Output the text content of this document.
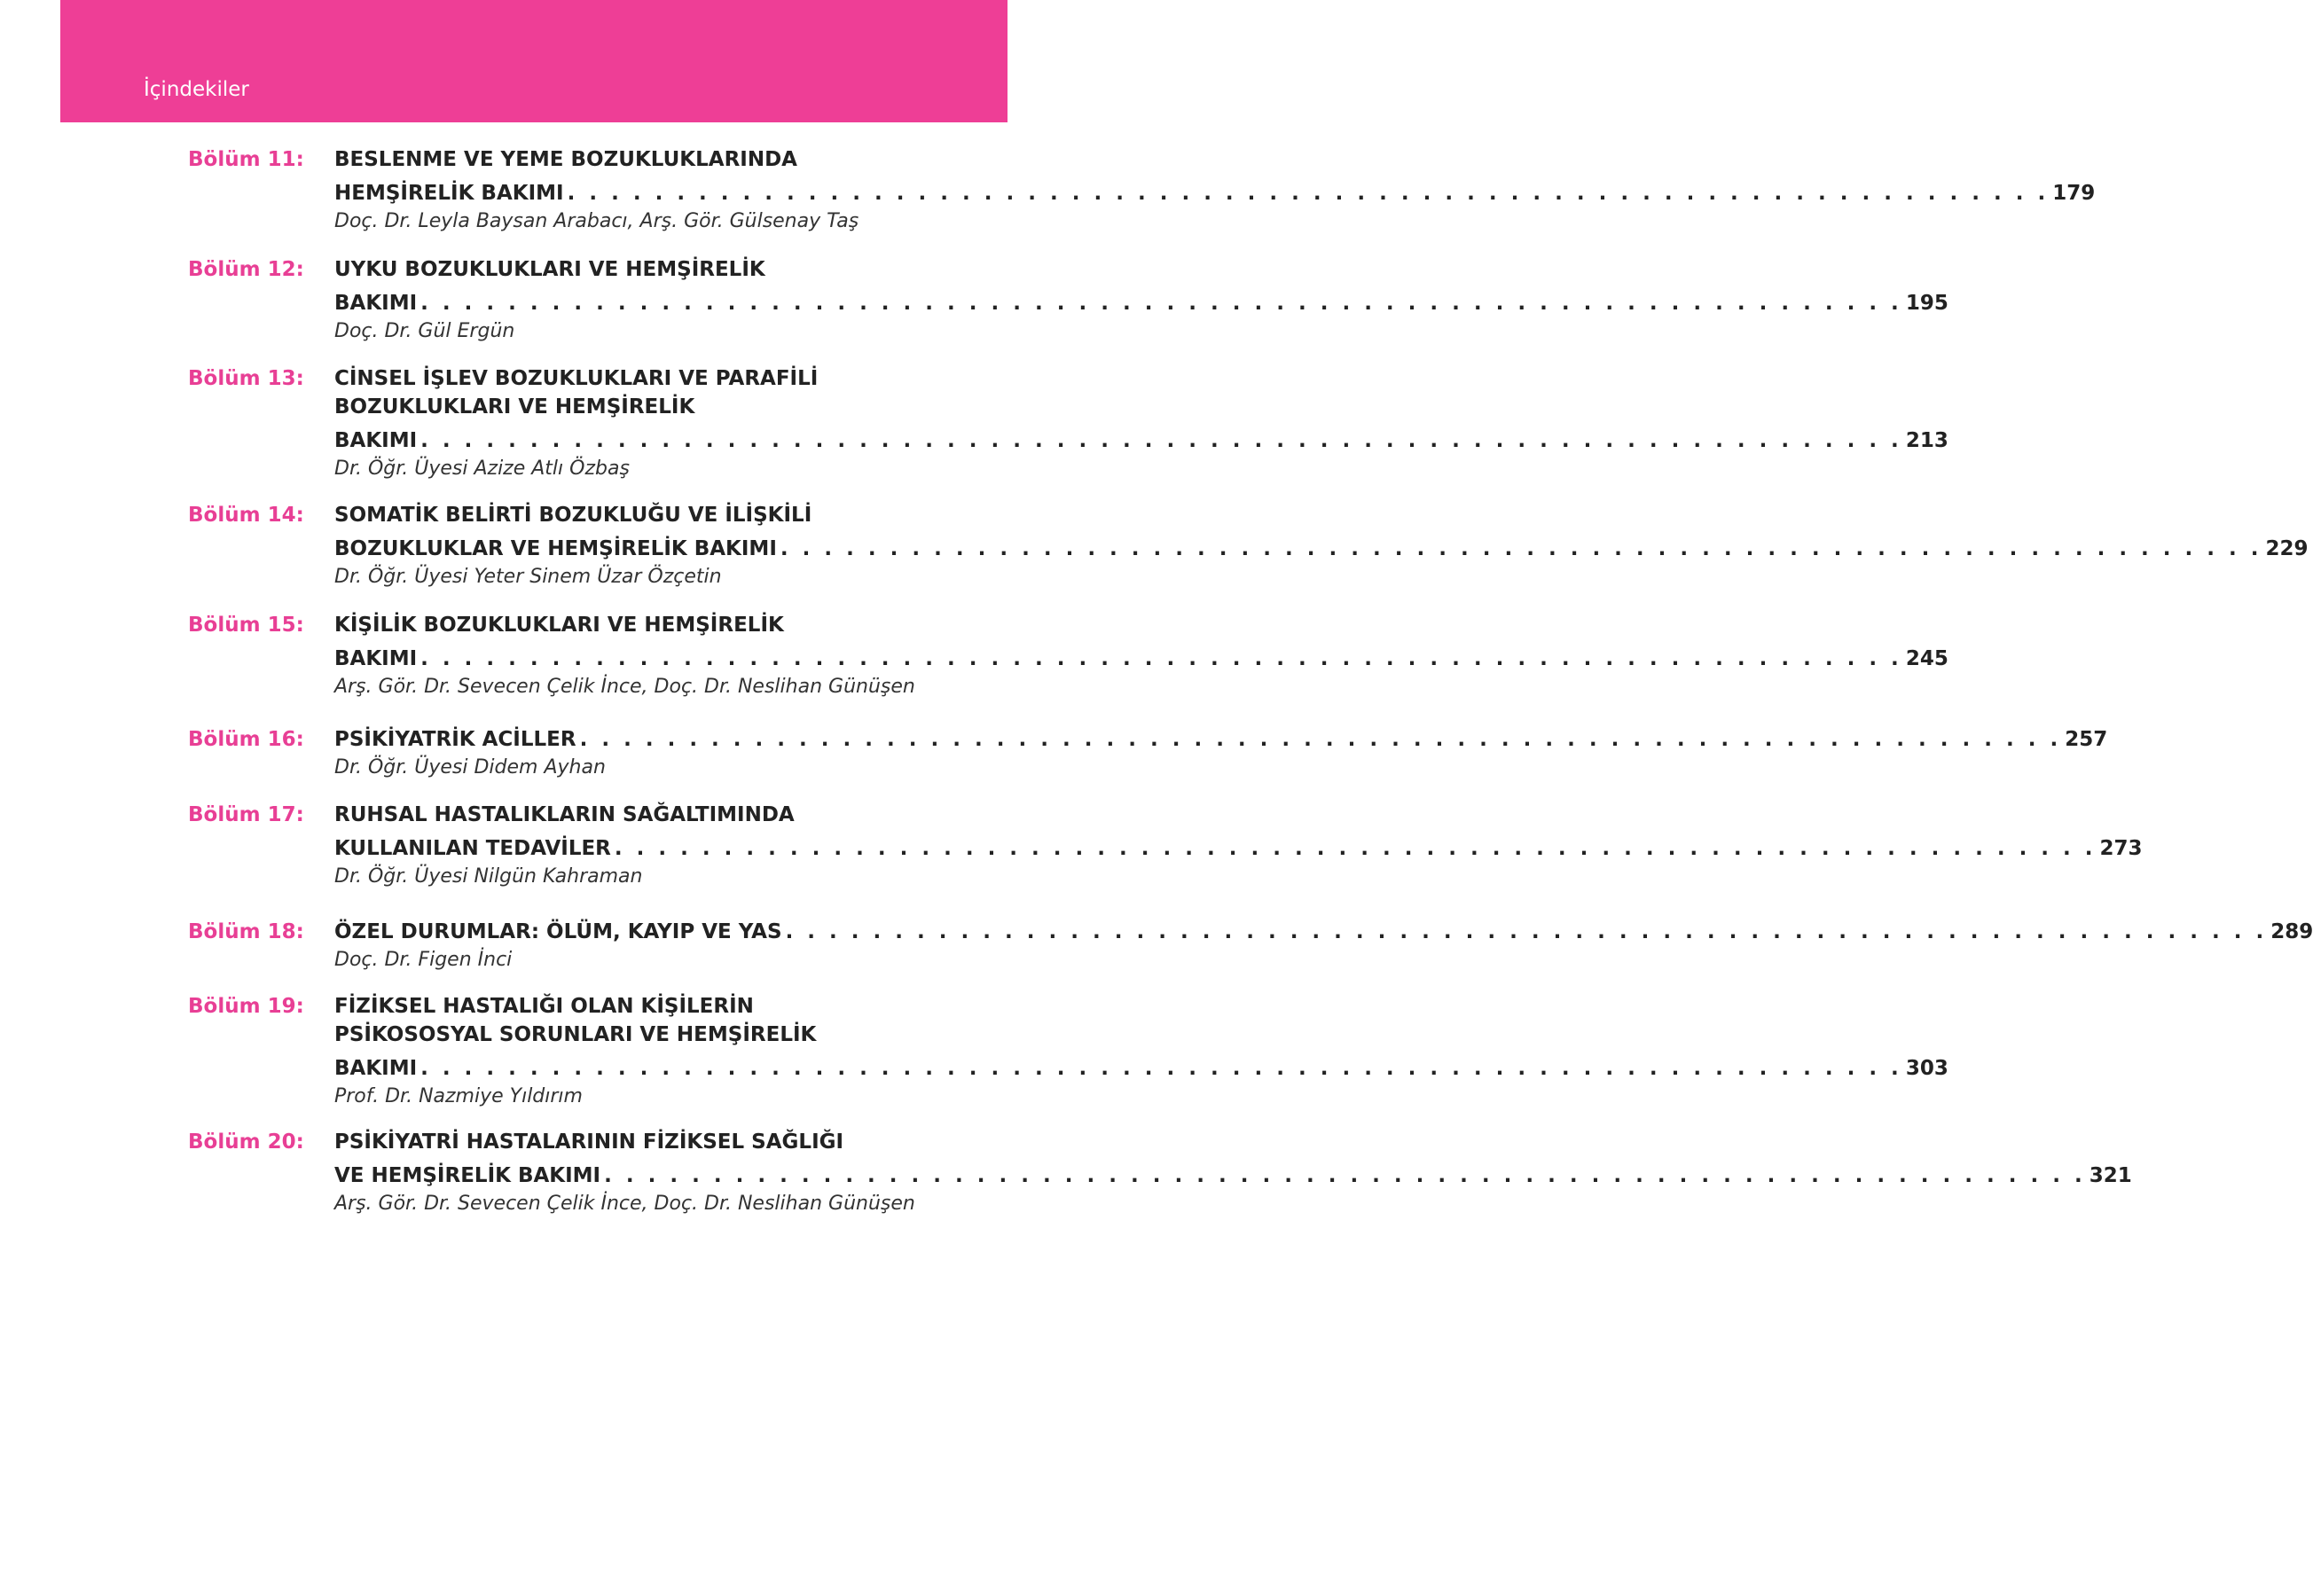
İçindekiler
Bölüm 11:	BESLENME VE YEME BOZUKLUKLARINDA
HEMŞİRELİK BAKIMI . . . . . . . . . . . . . . . . . . . . . . . . . . . . . . . . . . . . . . . . . . . . . . . . . . . . . . . . . . . . . . . . . . . . 179
Doç. Dr. Leyla Baysan Arabacı, Arş. Gör. Gülsenay Taş
Bölüm 12:	UYKU BOZUKLUKLARI VE HEMŞİRELİK
BAKIMI . . . . . . . . . . . . . . . . . . . . . . . . . . . . . . . . . . . . . . . . . . . . . . . . . . . . . . . . . . . . . . . . . . . . 195
Doç. Dr. Gül Ergün
Bölüm 13:	CİNSEL İŞLEV BOZUKLUKLARI VE PARAFİLİ
BOZUKLUKLARI VE HEMŞİRELİK
BAKIMI . . . . . . . . . . . . . . . . . . . . . . . . . . . . . . . . . . . . . . . . . . . . . . . . . . . . . . . . . . . . . . . . . . . . 213
Dr. Öğr. Üyesi Azize Atlı Özbaş
Bölüm 14:	SOMATİK BELİRTİ BOZUKLUĞU VE İLİŞKİLİ
BOZUKLUKLAR VE HEMŞİRELİK BAKIMI . . . . . . . . . . . . . . . . . . . . . . . . . . . . . . . . . . . . . . . . . . . . . . . . . . . . . . . . . . . . . . . . . . . . 229
Dr. Öğr. Üyesi Yeter Sinem Üzar Özçetin
Bölüm 15:	KİŞİLİK BOZUKLUKLARI VE HEMŞİRELİK
BAKIMI . . . . . . . . . . . . . . . . . . . . . . . . . . . . . . . . . . . . . . . . . . . . . . . . . . . . . . . . . . . . . . . . . . . . 245
Arş. Gör. Dr. Sevecen Çelik İnce, Doç. Dr. Neslihan Günüşen
Bölüm 16:	PSİKİYATRİK ACİLLER . . . . . . . . . . . . . . . . . . . . . . . . . . . . . . . . . . . . . . . . . . . . . . . . . . . . . . . . . . . . . . . . . . . . 257
Dr. Öğr. Üyesi Didem Ayhan
Bölüm 17:	RUHSAL HASTALIKLARIN SAĞALTIMINDA
KULLANILAN TEDAVİLER . . . . . . . . . . . . . . . . . . . . . . . . . . . . . . . . . . . . . . . . . . . . . . . . . . . . . . . . . . . . . . . . . . . . 273
Dr. Öğr. Üyesi Nilgün Kahraman
Bölüm 18:	ÖZEL DURUMLAR: ÖLÜM, KAYIP VE YAS . . . . . . . . . . . . . . . . . . . . . . . . . . . . . . . . . . . . . . . . . . . . . . . . . . . . . . . . . . . . . . . . . . . . 289
Doç. Dr. Figen İnci
Bölüm 19:	FİZİKSEL HASTALIĞI OLAN KİŞİLERİN
PSİKOSOSYAL SORUNLARI VE HEMŞİRELİK
BAKIMI . . . . . . . . . . . . . . . . . . . . . . . . . . . . . . . . . . . . . . . . . . . . . . . . . . . . . . . . . . . . . . . . . . . . 303
Prof. Dr. Nazmiye Yıldırım
Bölüm 20:	PSİKİYATRİ HASTALARININ FİZİKSEL SAĞLIĞI
VE HEMŞİRELİK BAKIMI . . . . . . . . . . . . . . . . . . . . . . . . . . . . . . . . . . . . . . . . . . . . . . . . . . . . . . . . . . . . . . . . . . . . 321
Arş. Gör. Dr. Sevecen Çelik İnce, Doç. Dr. Neslihan Günüşen
